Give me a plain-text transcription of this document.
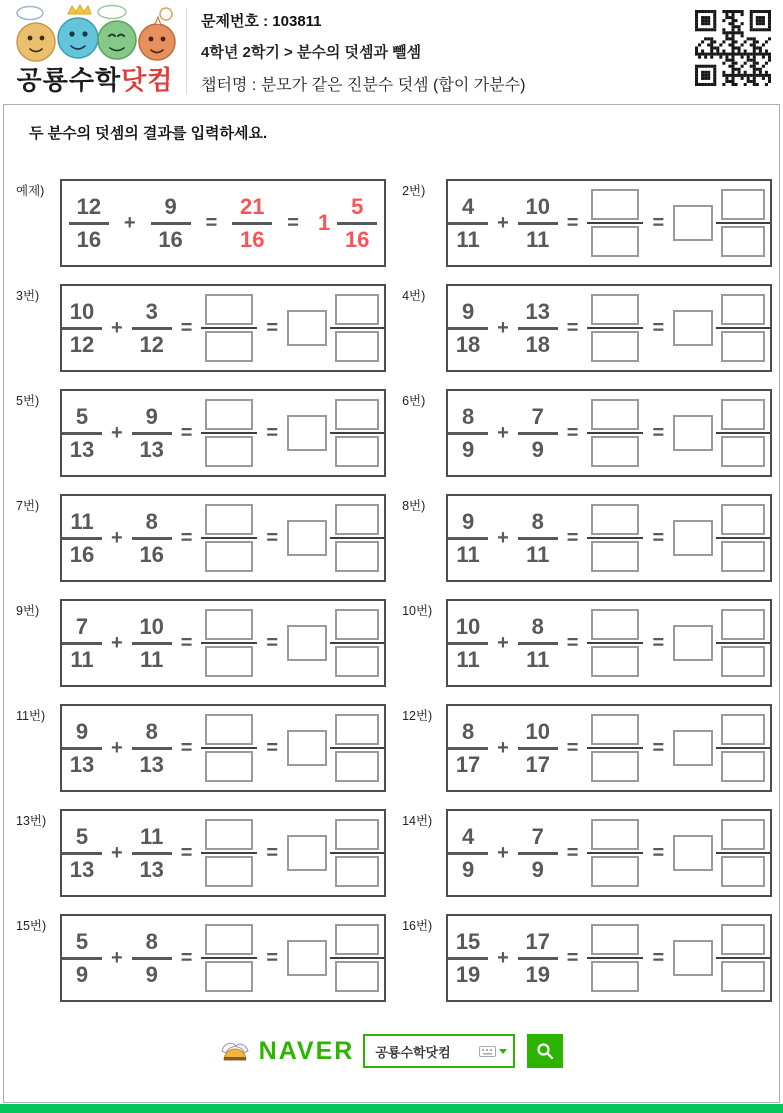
공룡수학닷컴
문제번호 : 103811
4학년 2학기 > 분수의 덧셈과 뺄셈
챕터명 : 분모가 같은 진분수 덧셈 (합이 가분수)
두 분수의 덧셈의 결과를 입력하세요.
예제)
$\frac{12}{16} + \frac{9}{16} = \frac{21}{16} = 1 \frac{5}{16}$
2번)
$\frac{4}{11} + \frac{10}{11}$ =	=
3번)
$\frac{10}{12} + \frac{3}{12}$ =	=
4번)
$\frac{9}{18} + \frac{13}{18}$ =	=
5번)
$\frac{5}{13} + \frac{9}{13}$ =	=
6번)
$\frac{8}{9} + \frac{7}{9}$ =	=
7번)
$\frac{11}{16} + \frac{8}{16}$ =	=
8번)
$\frac{9}{11} + \frac{8}{11}$ =	=
9번)
$\frac{7}{11} + \frac{10}{11}$ =	=
10번)
$\frac{10}{11} + \frac{8}{11}$ =	=
11번)
$\frac{9}{13} + \frac{8}{13}$ =	=
12번)
$\frac{8}{17} + \frac{10}{17}$ =	=
13번)
$\frac{5}{13} + \frac{11}{13}$ =	=
14번)
$\frac{4}{9} + \frac{7}{9}$ =	=
15번)
$\frac{5}{9} + \frac{8}{9}$ =	=
16번)
$\frac{15}{19} + \frac{17}{19}$ =	=
NAVER
공룡수학닷컴
